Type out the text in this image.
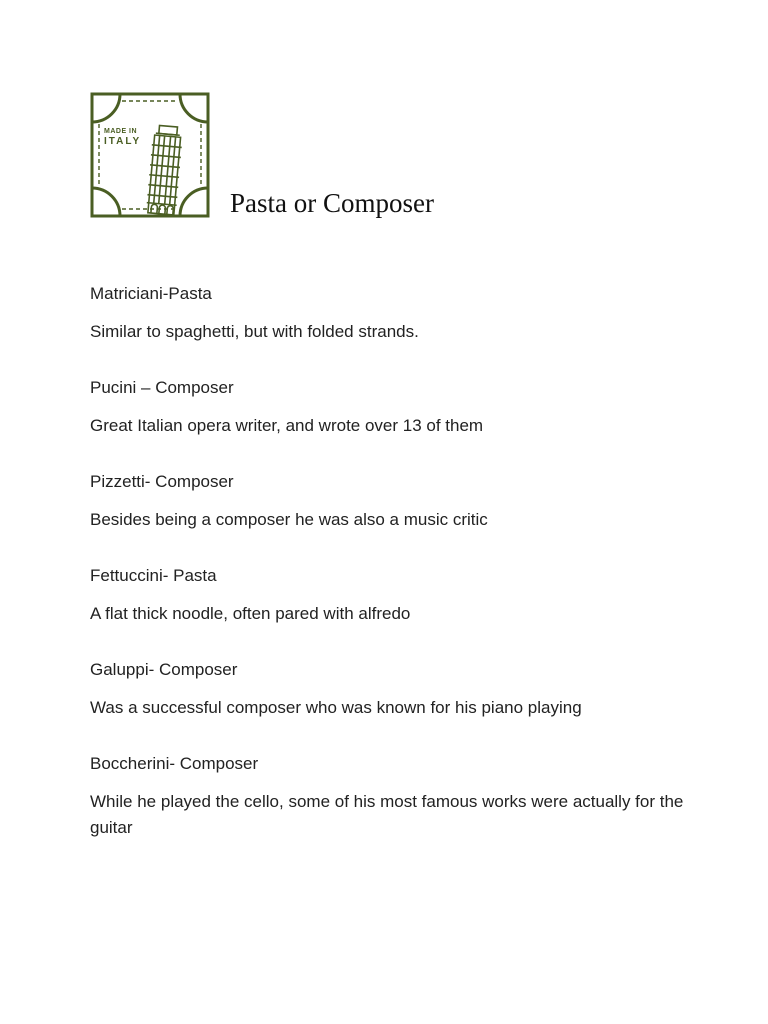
MADE IN
ITALY
Pasta or Composer

Matriciani-Pasta

Similar to spaghetti, but with folded strands.

Pucini – Composer

Great Italian opera writer, and wrote over 13 of them

Pizzetti- Composer

Besides being a composer he was also a music critic

Fettuccini- Pasta

A flat thick noodle, often pared with alfredo

Galuppi- Composer

Was a successful composer who was known for his piano playing

Boccherini- Composer

While he played the cello, some of his most famous works were actually for the guitar
